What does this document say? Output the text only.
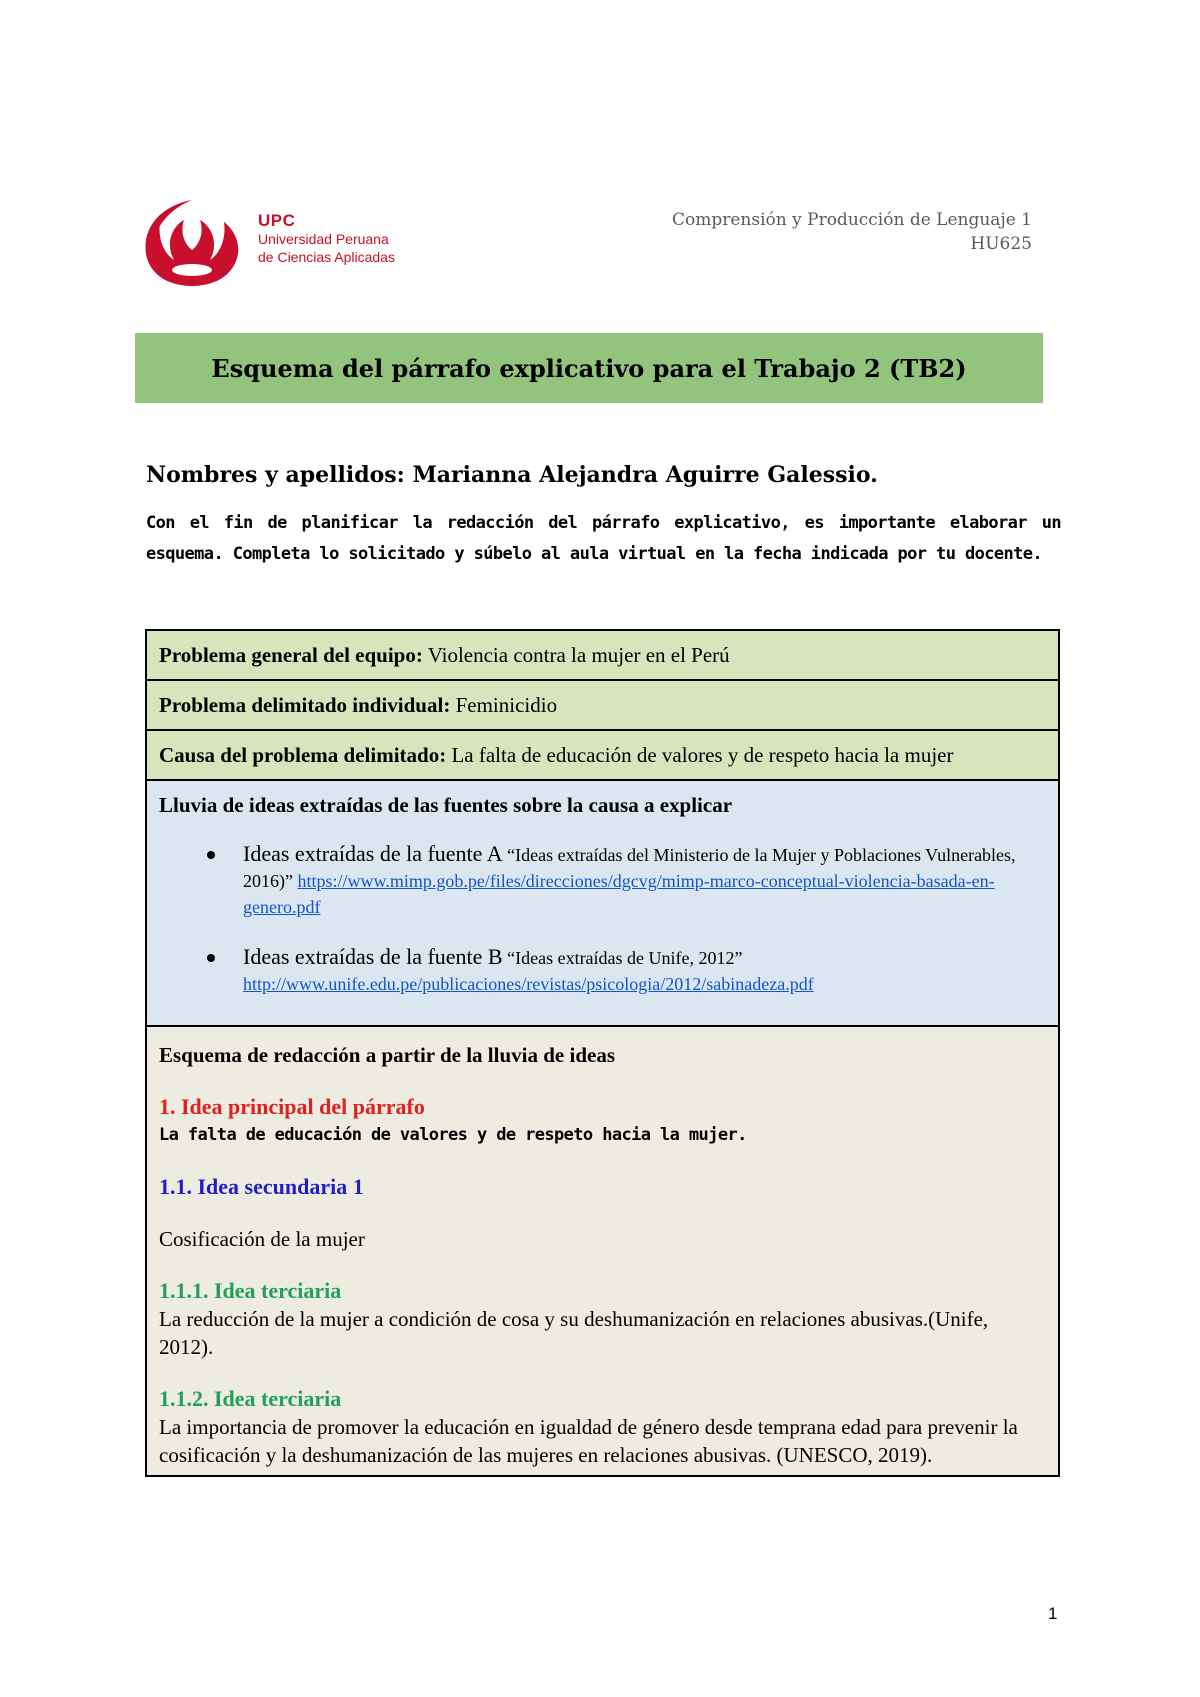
UPC
Universidad Peruana
de Ciencias Aplicadas
Comprensión y Producción de Lenguaje 1
HU625
Esquema del párrafo explicativo para el Trabajo 2 (TB2)
Nombres y apellidos: Marianna Alejandra Aguirre Galessio.
Con el fin de planificar la redacción del párrafo explicativo, es importante elaborar un esquema. Completa lo solicitado y súbelo al aula virtual en la fecha indicada por tu docente.
Problema general del equipo: Violencia contra la mujer en el Perú
Problema delimitado individual: Feminicidio
Causa del problema delimitado: La falta de educación de valores y de respeto hacia la mujer
Lluvia de ideas extraídas de las fuentes sobre la causa a explicar
Ideas extraídas de la fuente A “Ideas extraídas del Ministerio de la Mujer y Poblaciones Vulnerables, 2016)” https://www.mimp.gob.pe/files/direcciones/dgcvg/mimp-marco-conceptual-violencia-basada-en-genero.pdf
Ideas extraídas de la fuente B “Ideas extraídas de Unife, 2012”
http://www.unife.edu.pe/publicaciones/revistas/psicologia/2012/sabinadeza.pdf
Esquema de redacción a partir de la lluvia de ideas
1. Idea principal del párrafo
La falta de educación de valores y de respeto hacia la mujer.
1.1. Idea secundaria 1
Cosificación de la mujer
1.1.1. Idea terciaria
La reducción de la mujer a condición de cosa y su deshumanización en relaciones abusivas.(Unife, 2012).
1.1.2. Idea terciaria
La importancia de promover la educación en igualdad de género desde temprana edad para prevenir la cosificación y la deshumanización de las mujeres en relaciones abusivas. (UNESCO, 2019).
1
